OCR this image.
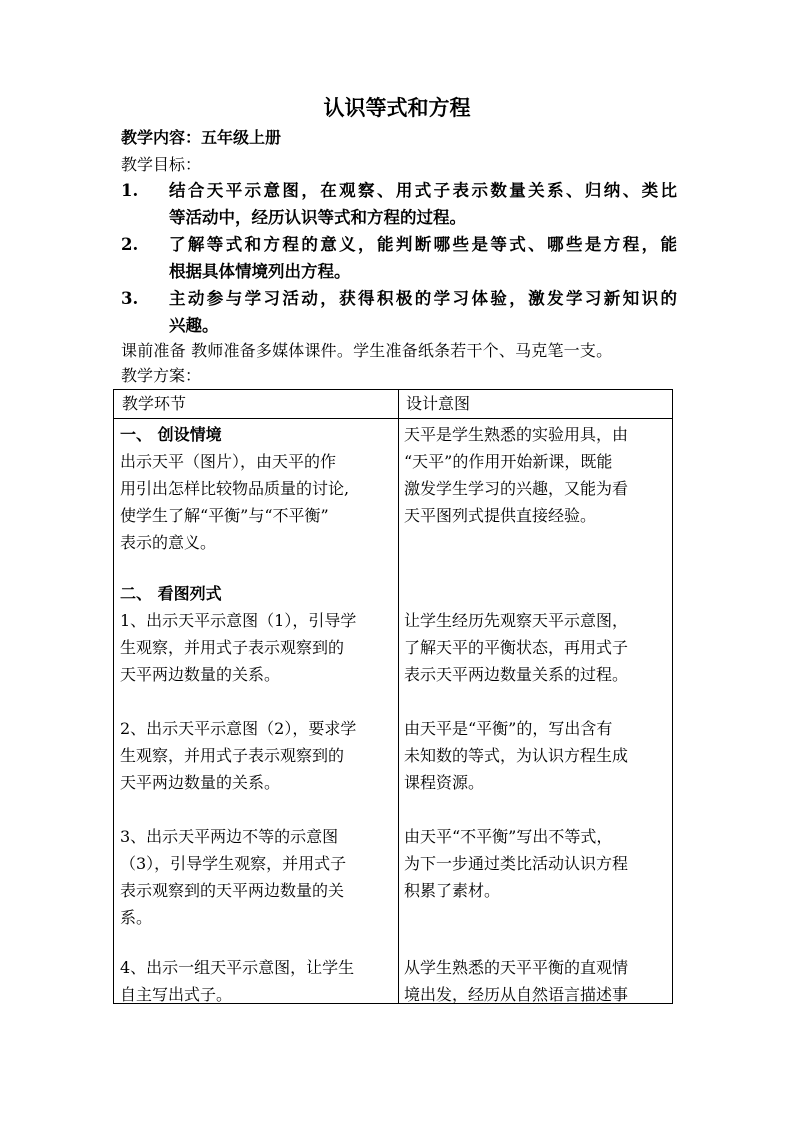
认识等式和方程
教学内容：五年级上册
教学目标：
1. 结合天平示意图，在观察、用式子表示数量关系、归纳、类比
等活动中，经历认识等式和方程的过程。
2. 了解等式和方程的意义，能判断哪些是等式、哪些是方程，能
根据具体情境列出方程。
3. 主动参与学习活动，获得积极的学习体验，激发学习新知识的
兴趣。
课前准备 教师准备多媒体课件。学生准备纸条若干个、马克笔一支。
教学方案：
教学环节	设计意图
一、 创设情境
出示天平（图片），由天平的作
用引出怎样比较物品质量的讨论,
使学生了解“平衡”与“不平衡”
表示的意义。
二、 看图列式
1、出示天平示意图（1），引导学
生观察，并用式子表示观察到的
天平两边数量的关系。
2、出示天平示意图（2），要求学
生观察，并用式子表示观察到的
天平两边数量的关系。
3、出示天平两边不等的示意图
（3），引导学生观察，并用式子
表示观察到的天平两边数量的关
系。
4、出示一组天平示意图，让学生
自主写出式子。
天平是学生熟悉的实验用具，由
“天平”的作用开始新课，既能
激发学生学习的兴趣，又能为看
天平图列式提供直接经验。
让学生经历先观察天平示意图，
了解天平的平衡状态，再用式子
表示天平两边数量关系的过程。
由天平是“平衡”的，写出含有
未知数的等式，为认识方程生成
课程资源。
由天平“不平衡”写出不等式，
为下一步通过类比活动认识方程
积累了素材。
从学生熟悉的天平平衡的直观情
境出发，经历从自然语言描述事
